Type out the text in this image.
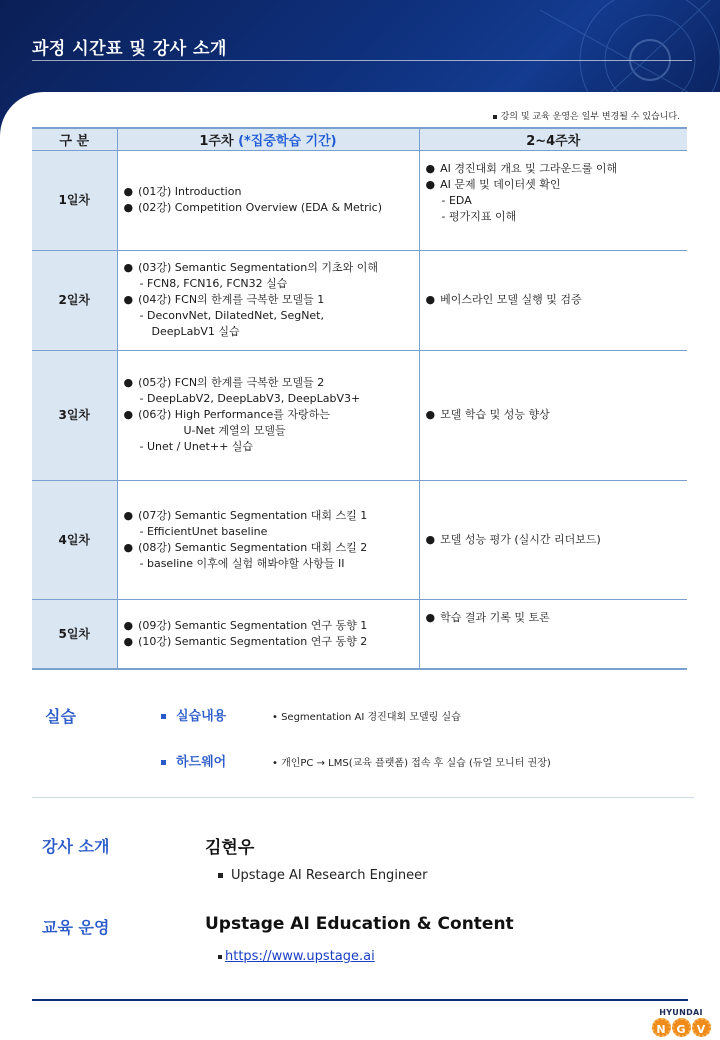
과정 시간표 및 강사 소개
강의 및 교육 운영은 일부 변경될 수 있습니다.
구 분	1주차 (*집중학습 기간)	2~4주차
1일차	● (01강) Introduction
● (02강) Competition Overview (EDA & Metric)	● AI 경진대회 개요 및 그라운드룰 이해
● AI 문제 및 데이터셋 확인
- EDA
- 평가지표 이해

2일차	● (03강) Semantic Segmentation의 기초와 이해
- FCN8, FCN16, FCN32 실습
● (04강) FCN의 한계를 극복한 모델들 1
- DeconvNet, DilatedNet, SegNet,
DeepLabV1 실습	● 베이스라인 모델 실행 및 검증

3일차	● (05강) FCN의 한계를 극복한 모델들 2
- DeepLabV2, DeepLabV3, DeepLabV3+
● (06강) High Performance를 자랑하는
U-Net 계열의 모델들
- Unet / Unet++ 실습	● 모델 학습 및 성능 향상

4일차	● (07강) Semantic Segmentation 대회 스킬 1
- EfficientUnet baseline
● (08강) Semantic Segmentation 대회 스킬 2
- baseline 이후에 실험 해봐야할 사항들 II	● 모델 성능 평가 (실시간 리더보드)

5일차	● (09강) Semantic Segmentation 연구 동향 1
● (10강) Semantic Segmentation 연구 동향 2	● 학습 결과 기록 및 토론
실습	실습내용	• Segmentation AI 경진대회 모델링 실습
하드웨어	• 개인PC → LMS(교육 플랫폼) 접속 후 실습 (듀얼 모니터 권장)
강사 소개	김현우
Upstage AI Research Engineer
교육 운영	Upstage AI Education & Content
https://www.upstage.ai
HYUNDAI
N G	V
